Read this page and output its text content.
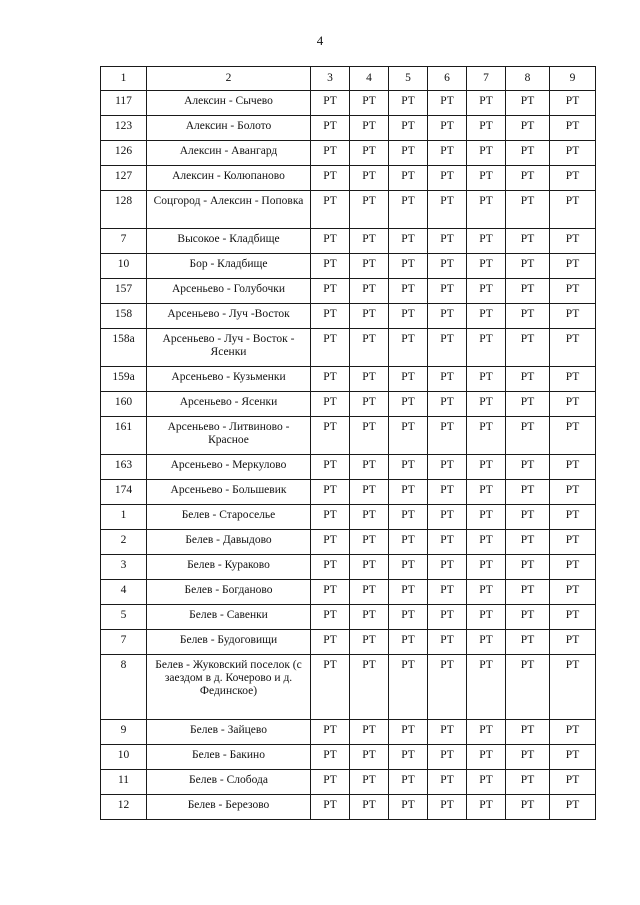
4
1	2	3	4	5	6	7	8	9
117	Алексин - Сычево	РТ	РТ	РТ	РТ	РТ	РТ	РТ
123	Алексин - Болото	РТ	РТ	РТ	РТ	РТ	РТ	РТ
126	Алексин - Авангард	РТ	РТ	РТ	РТ	РТ	РТ	РТ
127	Алексин - Колюпаново	РТ	РТ	РТ	РТ	РТ	РТ	РТ
128	Соцгород - Алексин - Поповка	РТ	РТ	РТ	РТ	РТ	РТ	РТ
7	Высокое - Кладбище	РТ	РТ	РТ	РТ	РТ	РТ	РТ
10	Бор - Кладбище	РТ	РТ	РТ	РТ	РТ	РТ	РТ
157	Арсеньево - Голубочки	РТ	РТ	РТ	РТ	РТ	РТ	РТ
158	Арсеньево - Луч -Восток	РТ	РТ	РТ	РТ	РТ	РТ	РТ
158а	Арсеньево - Луч - Восток - Ясенки	РТ	РТ	РТ	РТ	РТ	РТ	РТ
159а	Арсеньево - Кузьменки	РТ	РТ	РТ	РТ	РТ	РТ	РТ
160	Арсеньево - Ясенки	РТ	РТ	РТ	РТ	РТ	РТ	РТ
161	Арсеньево - Литвиново - Красное	РТ	РТ	РТ	РТ	РТ	РТ	РТ
163	Арсеньево - Меркулово	РТ	РТ	РТ	РТ	РТ	РТ	РТ
174	Арсеньево - Большевик	РТ	РТ	РТ	РТ	РТ	РТ	РТ
1	Белев - Староселье	РТ	РТ	РТ	РТ	РТ	РТ	РТ
2	Белев - Давыдово	РТ	РТ	РТ	РТ	РТ	РТ	РТ
3	Белев - Кураково	РТ	РТ	РТ	РТ	РТ	РТ	РТ
4	Белев - Богданово	РТ	РТ	РТ	РТ	РТ	РТ	РТ
5	Белев - Савенки	РТ	РТ	РТ	РТ	РТ	РТ	РТ
7	Белев - Будоговищи	РТ	РТ	РТ	РТ	РТ	РТ	РТ
8	Белев - Жуковский поселок (с заездом в д. Кочерово и д. Фединское)	РТ	РТ	РТ	РТ	РТ	РТ	РТ
9	Белев - Зайцево	РТ	РТ	РТ	РТ	РТ	РТ	РТ
10	Белев - Бакино	РТ	РТ	РТ	РТ	РТ	РТ	РТ
11	Белев - Слобода	РТ	РТ	РТ	РТ	РТ	РТ	РТ
12	Белев - Березово	РТ	РТ	РТ	РТ	РТ	РТ	РТ
